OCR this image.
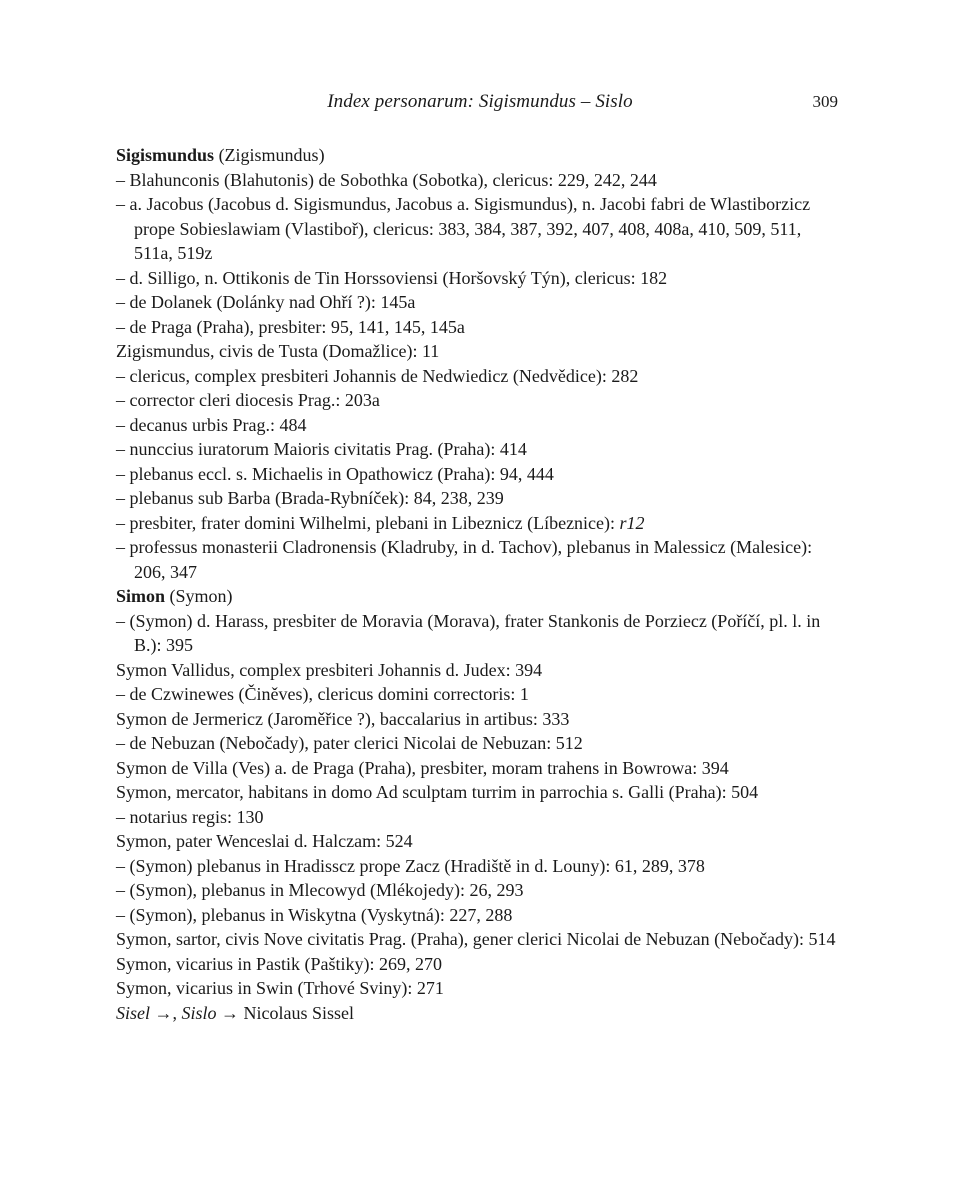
Index personarum: Sigismundus – Sislo	309

Sigismundus (Zigismundus)

– Blahunconis (Blahutonis) de Sobothka (Sobotka), clericus: 229, 242, 244

– a. Jacobus (Jacobus d. Sigismundus, Jacobus a. Sigismundus), n. Jacobi fabri de Wlastiborzicz prope Sobieslawiam (Vlastiboř), clericus: 383, 384, 387, 392, 407, 408, 408a, 410, 509, 511, 511a, 519z

– d. Silligo, n. Ottikonis de Tin Horssoviensi (Horšovský Týn), clericus: 182

– de Dolanek (Dolánky nad Ohří ?): 145a

– de Praga (Praha), presbiter: 95, 141, 145, 145a

Zigismundus, civis de Tusta (Domažlice): 11

– clericus, complex presbiteri Johannis de Nedwiedicz (Nedvědice): 282

– corrector cleri diocesis Prag.: 203a

– decanus urbis Prag.: 484

– nunccius iuratorum Maioris civitatis Prag. (Praha): 414

– plebanus eccl. s. Michaelis in Opathowicz (Praha): 94, 444

– plebanus sub Barba (Brada-Rybníček): 84, 238, 239

– presbiter, frater domini Wilhelmi, plebani in Libeznicz (Líbeznice): r12

– professus monasterii Cladronensis (Kladruby, in d. Tachov), plebanus in Malessicz (Malesice): 206, 347

Simon (Symon)

– (Symon) d. Harass, presbiter de Moravia (Morava), frater Stankonis de Porziecz (Poříčí, pl. l. in B.): 395

Symon Vallidus, complex presbiteri Johannis d. Judex: 394

– de Czwinewes (Činěves), clericus domini correctoris: 1

Symon de Jermericz (Jaroměřice ?), baccalarius in artibus: 333

– de Nebuzan (Nebočady), pater clerici Nicolai de Nebuzan: 512

Symon de Villa (Ves) a. de Praga (Praha), presbiter, moram trahens in Bowrowa: 394

Symon, mercator, habitans in domo Ad sculptam turrim in parrochia s. Galli (Praha): 504

– notarius regis: 130

Symon, pater Wenceslai d. Halczam: 524

– (Symon) plebanus in Hradisscz prope Zacz (Hradiště in d. Louny): 61, 289, 378

– (Symon), plebanus in Mlecowyd (Mlékojedy): 26, 293

– (Symon), plebanus in Wiskytna (Vyskytná): 227, 288

Symon, sartor, civis Nove civitatis Prag. (Praha), gener clerici Nicolai de Nebuzan (Nebočady): 514

Symon, vicarius in Pastik (Paštiky): 269, 270

Symon, vicarius in Swin (Trhové Sviny): 271

Sisel →, Sislo → Nicolaus Sissel
